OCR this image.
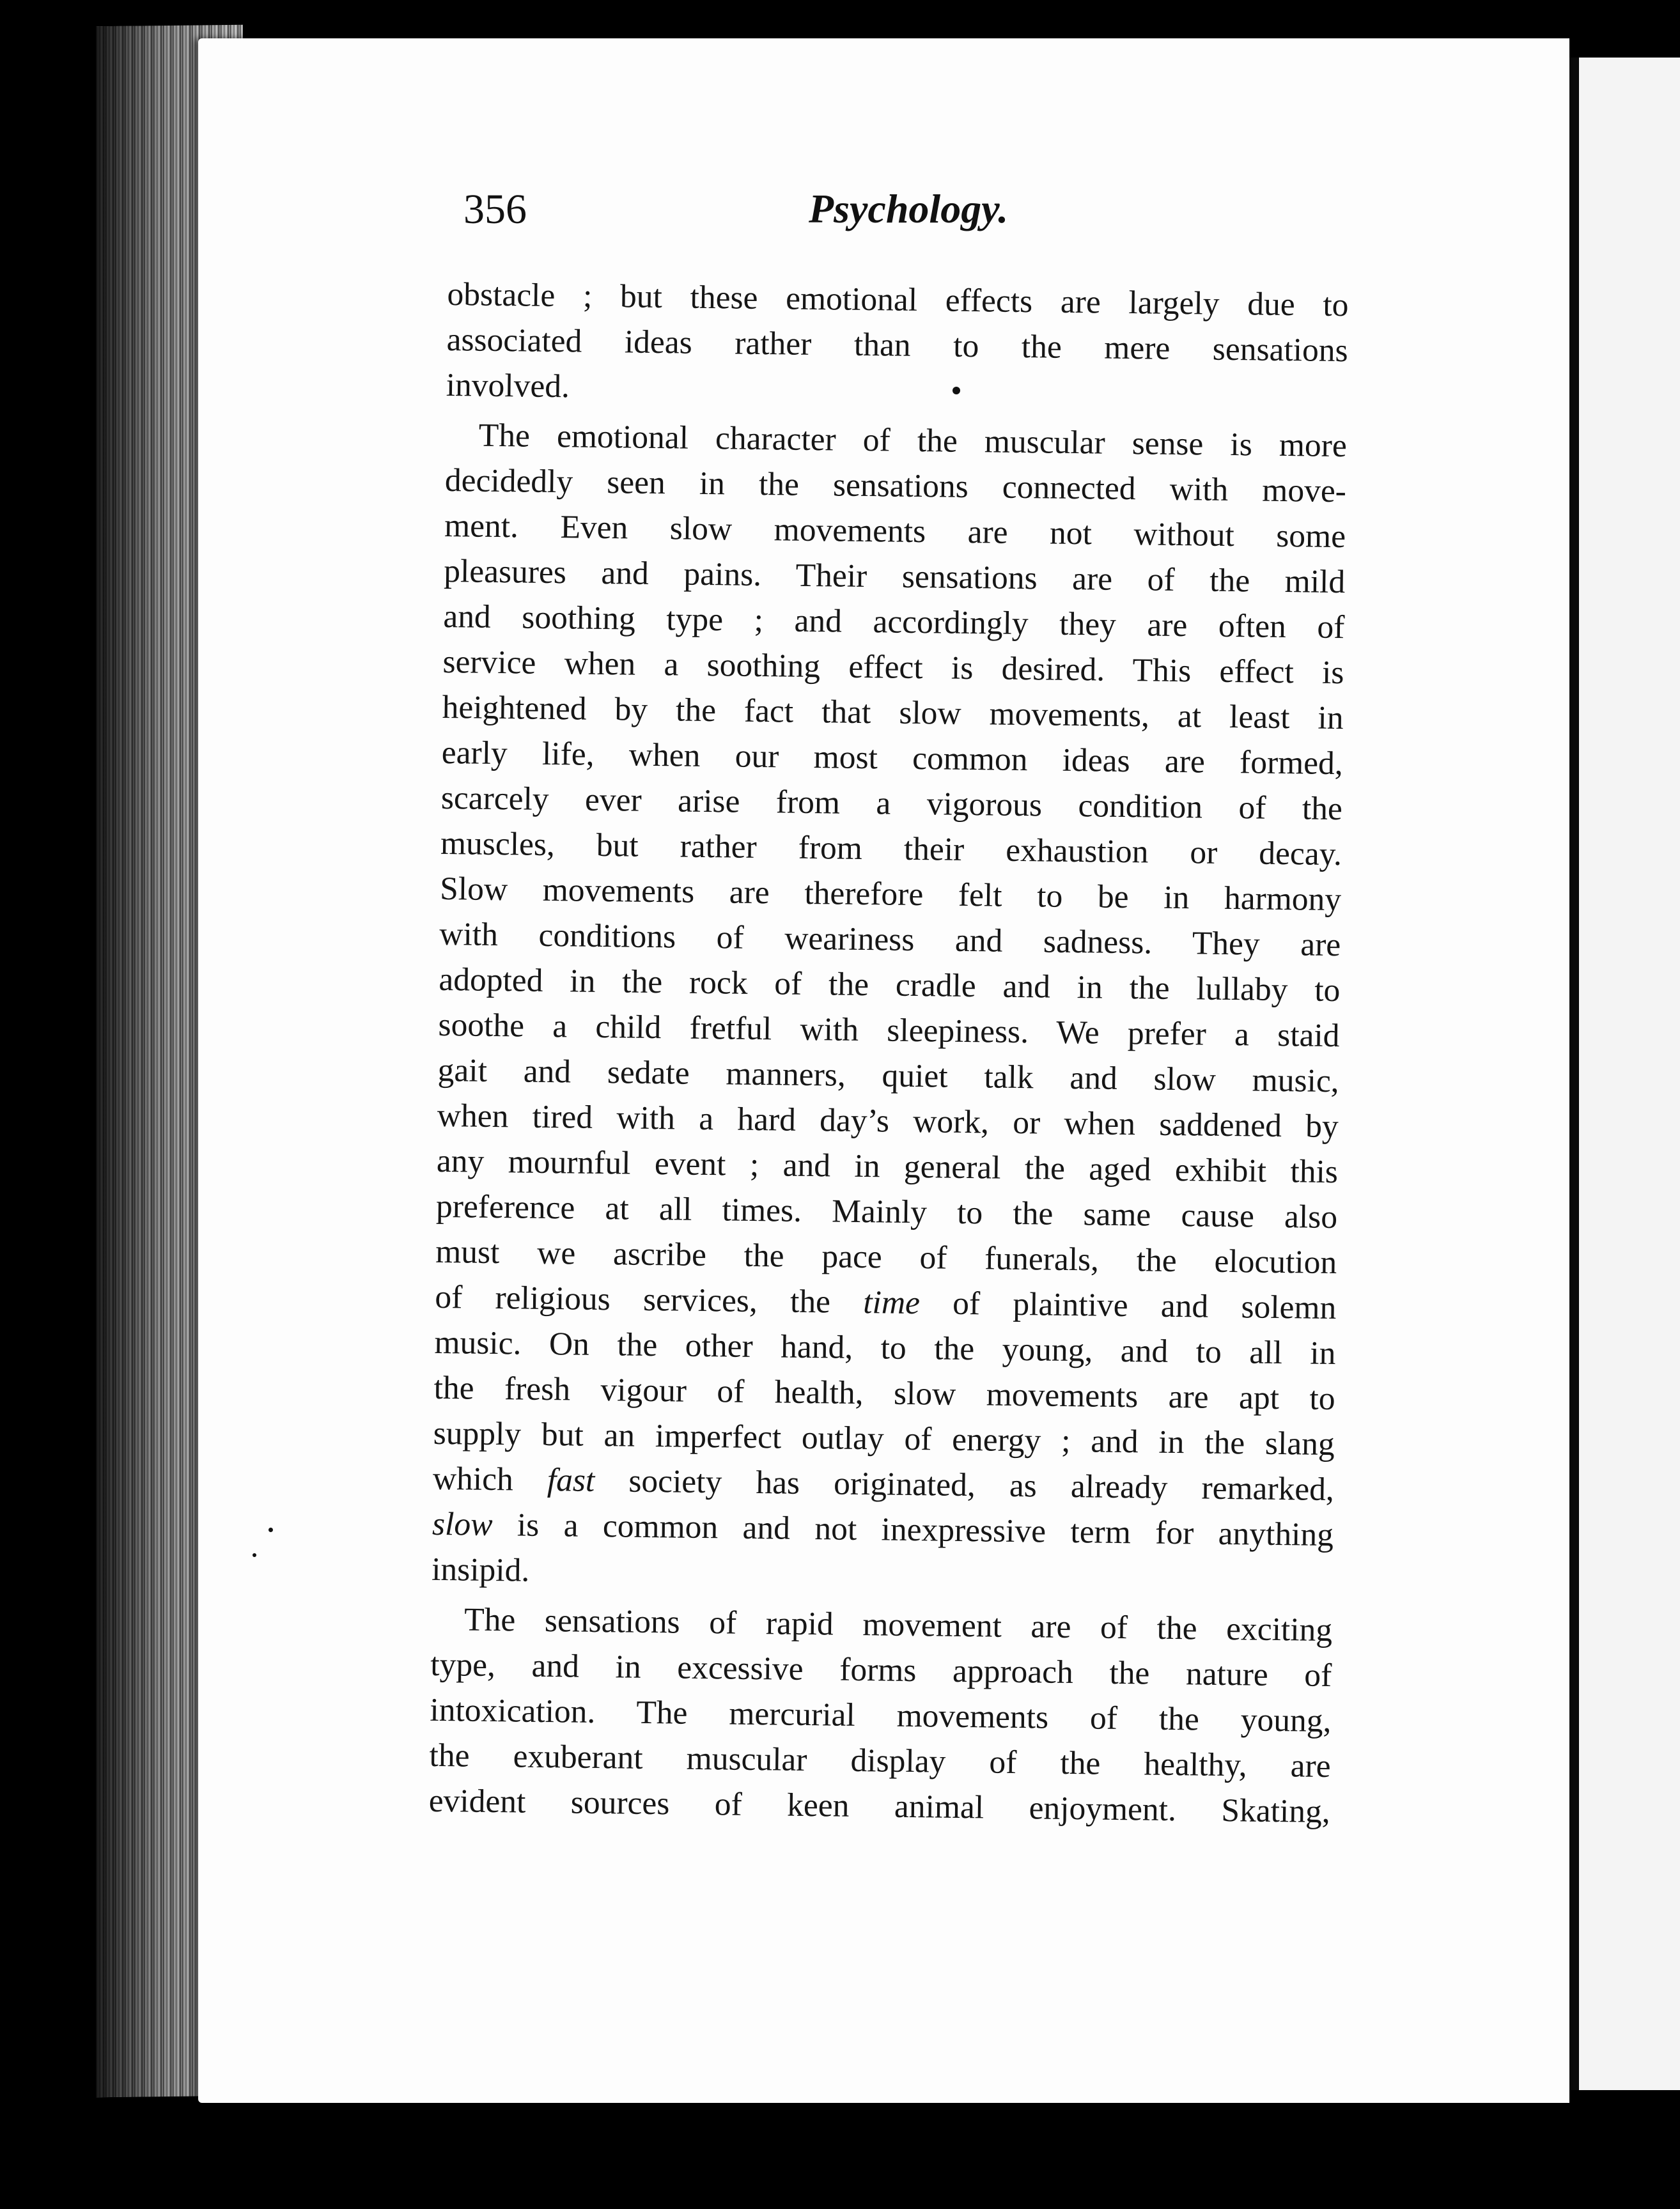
356	Psychology.

obstacle ; but these emotional effects are largely due to
associated ideas rather than to the mere sensations
involved.

The emotional character of the muscular sense is more
decidedly seen in the sensations connected with move-
ment. Even slow movements are not without some
pleasures and pains. Their sensations are of the mild
and soothing type ; and accordingly they are often of
service when a soothing effect is desired. This effect is
heightened by the fact that slow movements, at least in
early life, when our most common ideas are formed,
scarcely ever arise from a vigorous condition of the
muscles, but rather from their exhaustion or decay.
Slow movements are therefore felt to be in harmony
with conditions of weariness and sadness. They are
adopted in the rock of the cradle and in the lullaby to
soothe a child fretful with sleepiness. We prefer a staid
gait and sedate manners, quiet talk and slow music,
when tired with a hard day’s work, or when saddened by
any mournful event ; and in general the aged exhibit this
preference at all times. Mainly to the same cause also
must we ascribe the pace of funerals, the elocution
of religious services, the time of plaintive and solemn
music. On the other hand, to the young, and to all in
the fresh vigour of health, slow movements are apt to
supply but an imperfect outlay of energy ; and in the slang
which fast society has originated, as already remarked,
slow is a common and not inexpressive term for anything
insipid.

The sensations of rapid movement are of the exciting
type, and in excessive forms approach the nature of
intoxication. The mercurial movements of the young,
the exuberant muscular display of the healthy, are
evident sources of keen animal enjoyment. Skating,
